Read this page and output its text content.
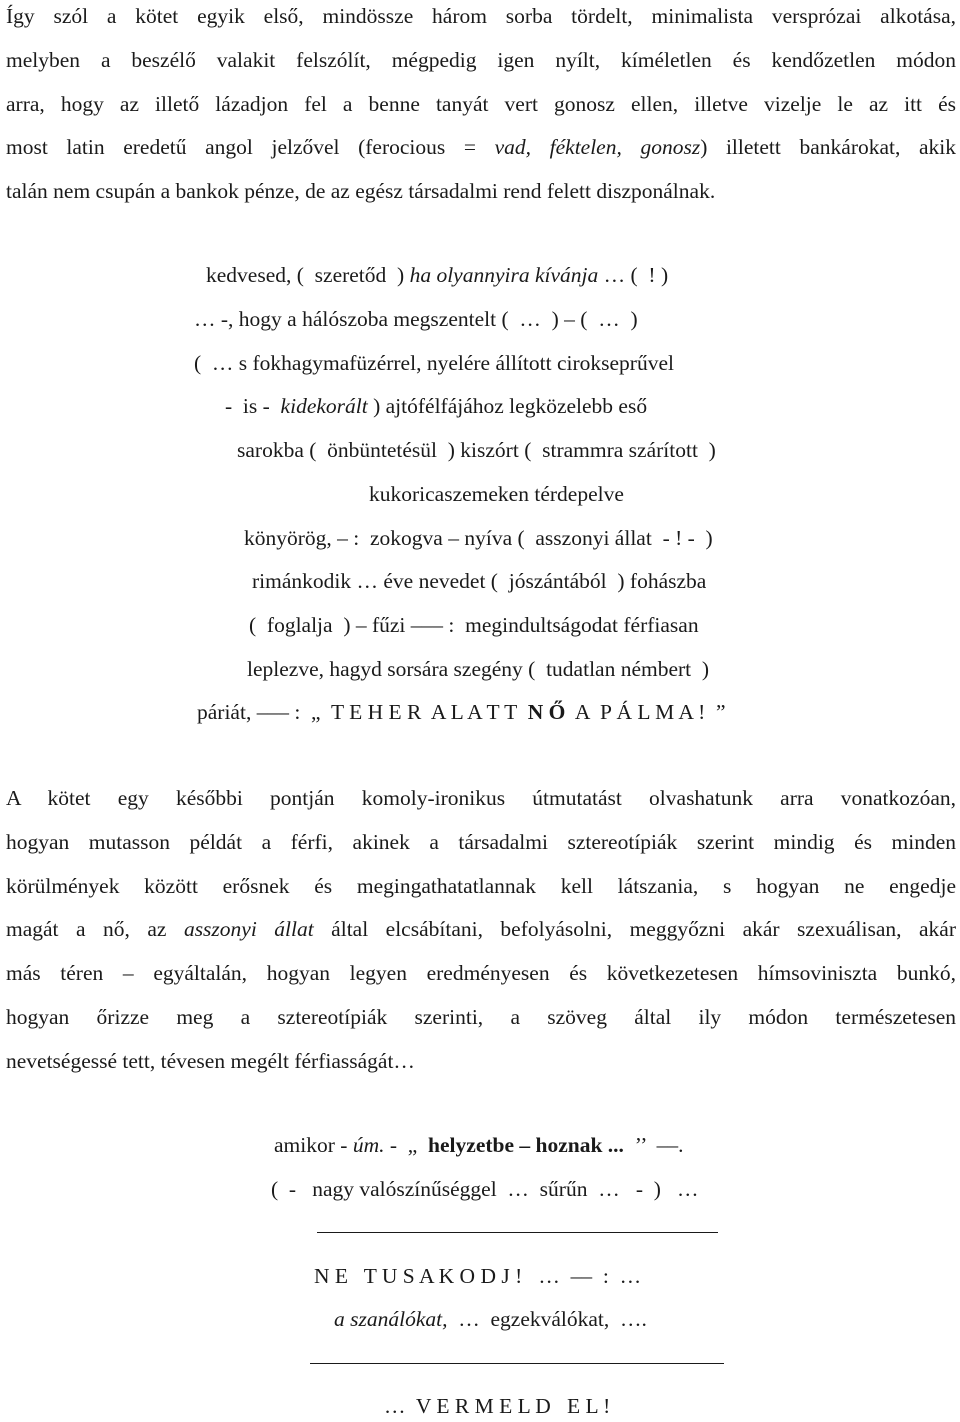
Így szól a kötet egyik első, mindössze három sorba tördelt, minimalista versprózai alkotása,
melyben a beszélő valakit felszólít, mégpedig igen nyílt, kíméletlen és kendőzetlen módon
arra, hogy az illető lázadjon fel a benne tanyát vert gonosz ellen, illetve vizelje le az itt és
most latin eredetű angol jelzővel (ferocious = vad, féktelen, gonosz) illetett bankárokat, akik
talán nem csupán a bankok pénze, de az egész társadalmi rend felett diszponálnak.
kedvesed, (  szeretőd  ) ha olyannyira kívánja … (  ! )
… -, hogy a hálószoba megszentelt (  …  ) – (  …  )
(  … s fokhagymafüzérrel, nyelére állított cirokseprűvel
-  is -  kidekorált ) ajtófélfájához legközelebb eső
sarokba (  önbüntetésül  ) kiszórt (  strammra szárított  )
kukoricaszemeken térdepelve
könyörög, – :  zokogva – nyíva (  asszonyi állat  - ! -  )
rimánkodik … éve nevedet (  jószántából  ) fohászba
(  foglalja  ) – fűzi ––– :  megindultságodat férfiasan
leplezve, hagyd sorsára szegény (  tudatlan némbert  )
páriát, ––– :  „  T E H E R  A L A T T  N Ő  A  P Á L M A !  ”
A kötet egy későbbi pontján komoly-ironikus útmutatást olvashatunk arra vonatkozóan,
hogyan mutasson példát a férfi, akinek a társadalmi sztereotípiák szerint mindig és minden
körülmények között erősnek és megingathatatlannak kell látszania, s hogyan ne engedje
magát a nő, az asszonyi állat által elcsábítani, befolyásolni, meggyőzni akár szexuálisan, akár
más téren – egyáltalán, hogyan legyen eredményesen és következetesen hímsoviniszta bunkó,
hogyan őrizze meg a sztereotípiák szerinti, a szöveg által ily módon természetesen
nevetségessé tett, tévesen megélt férfiasságát…
amikor - úm. -  „  helyzetbe – hoznak ...  ’’  ––.
(  -   nagy valószínűséggel  …  sűrűn  …   -  )   …
N E   T U S A K O D J !   …  ––  :  …
a szanálókat,  …  egzekválókat,  ….
…  V E R M E L D   E L !
